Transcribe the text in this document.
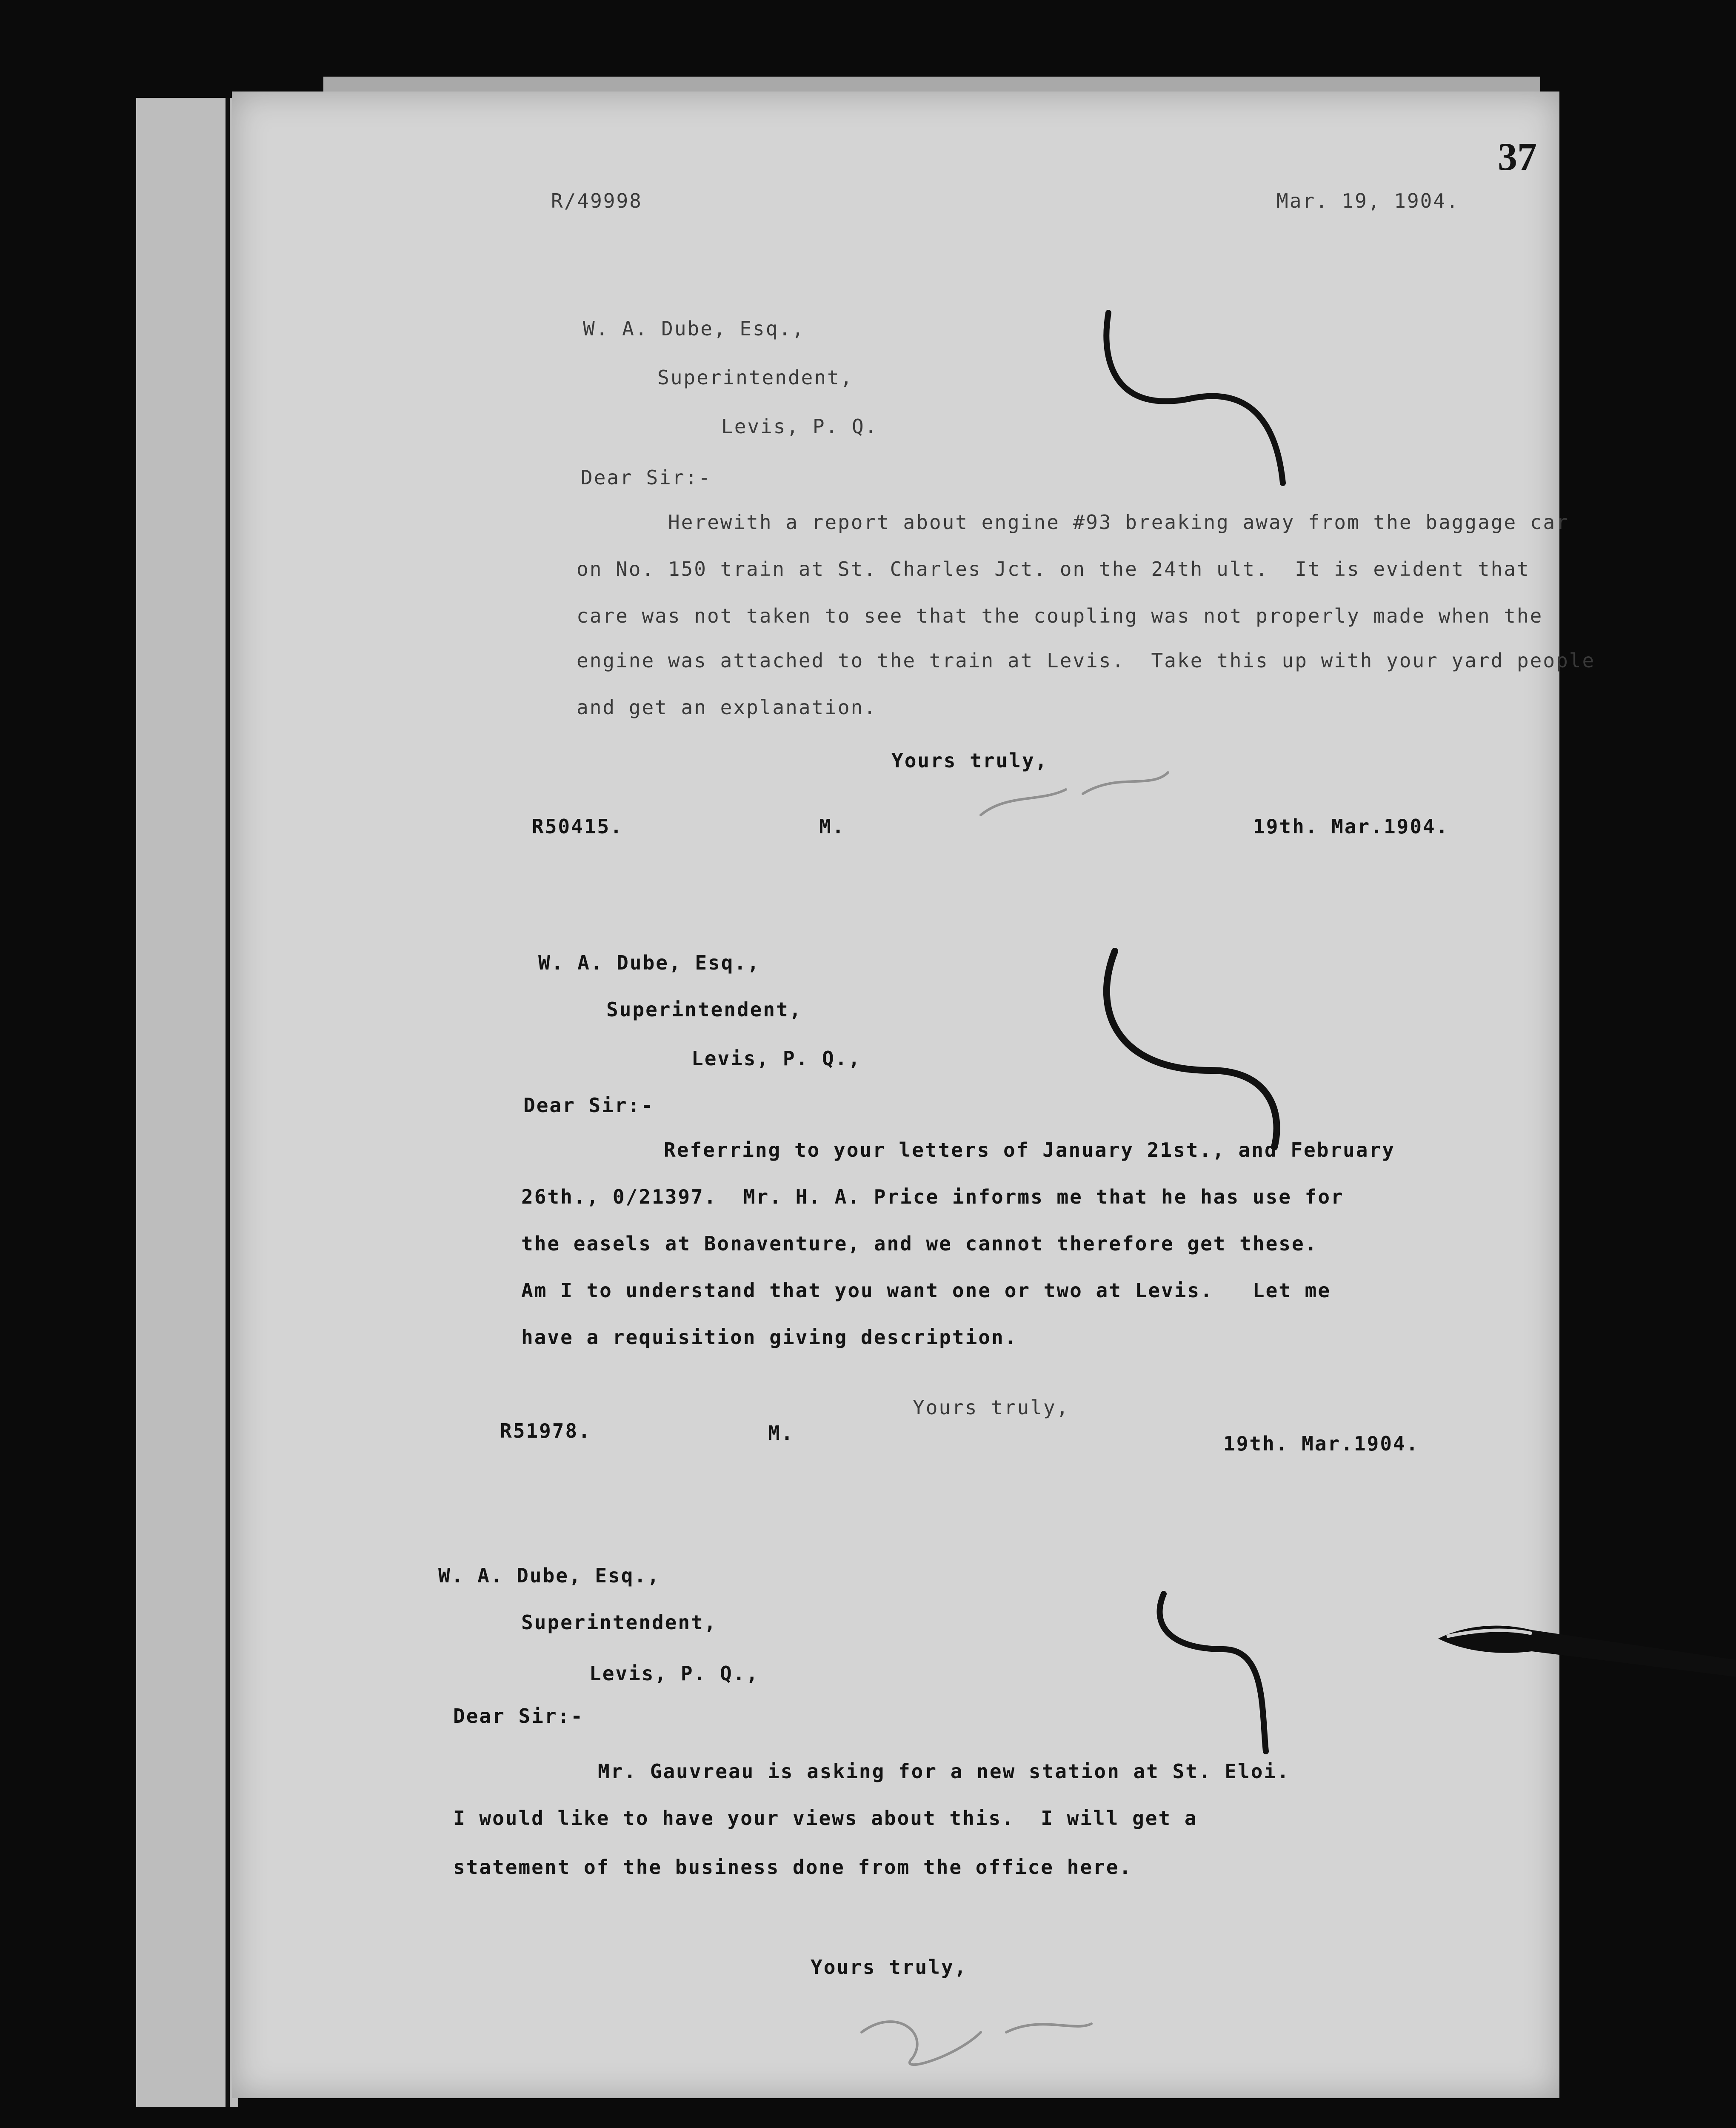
37
R/49998	Mar. 19, 1904.
W. A. Dube, Esq.,
Superintendent,
Levis, P. Q.
Dear Sir:-
Herewith a report about engine #93 breaking away from the baggage car
on No. 150 train at St. Charles Jct. on the 24th ult.  It is evident that
care was not taken to see that the coupling was not properly made when the
engine was attached to the train at Levis.  Take this up with your yard people
and get an explanation.
Yours truly,
R50415.	M.	19th. Mar.1904.
W. A. Dube, Esq.,
Superintendent,
Levis, P. Q.,
Dear Sir:-
Referring to your letters of January 21st., and February
26th., 0/21397.  Mr. H. A. Price informs me that he has use for
the easels at Bonaventure, and we cannot therefore get these.
Am I to understand that you want one or two at Levis.   Let me
have a requisition giving description.
Yours truly,
R51978.	M.	19th. Mar.1904.
W. A. Dube, Esq.,
Superintendent,
Levis, P. Q.,
Dear Sir:-
Mr. Gauvreau is asking for a new station at St. Eloi.
I would like to have your views about this.  I will get a
statement of the business done from the office here.
Yours truly,
